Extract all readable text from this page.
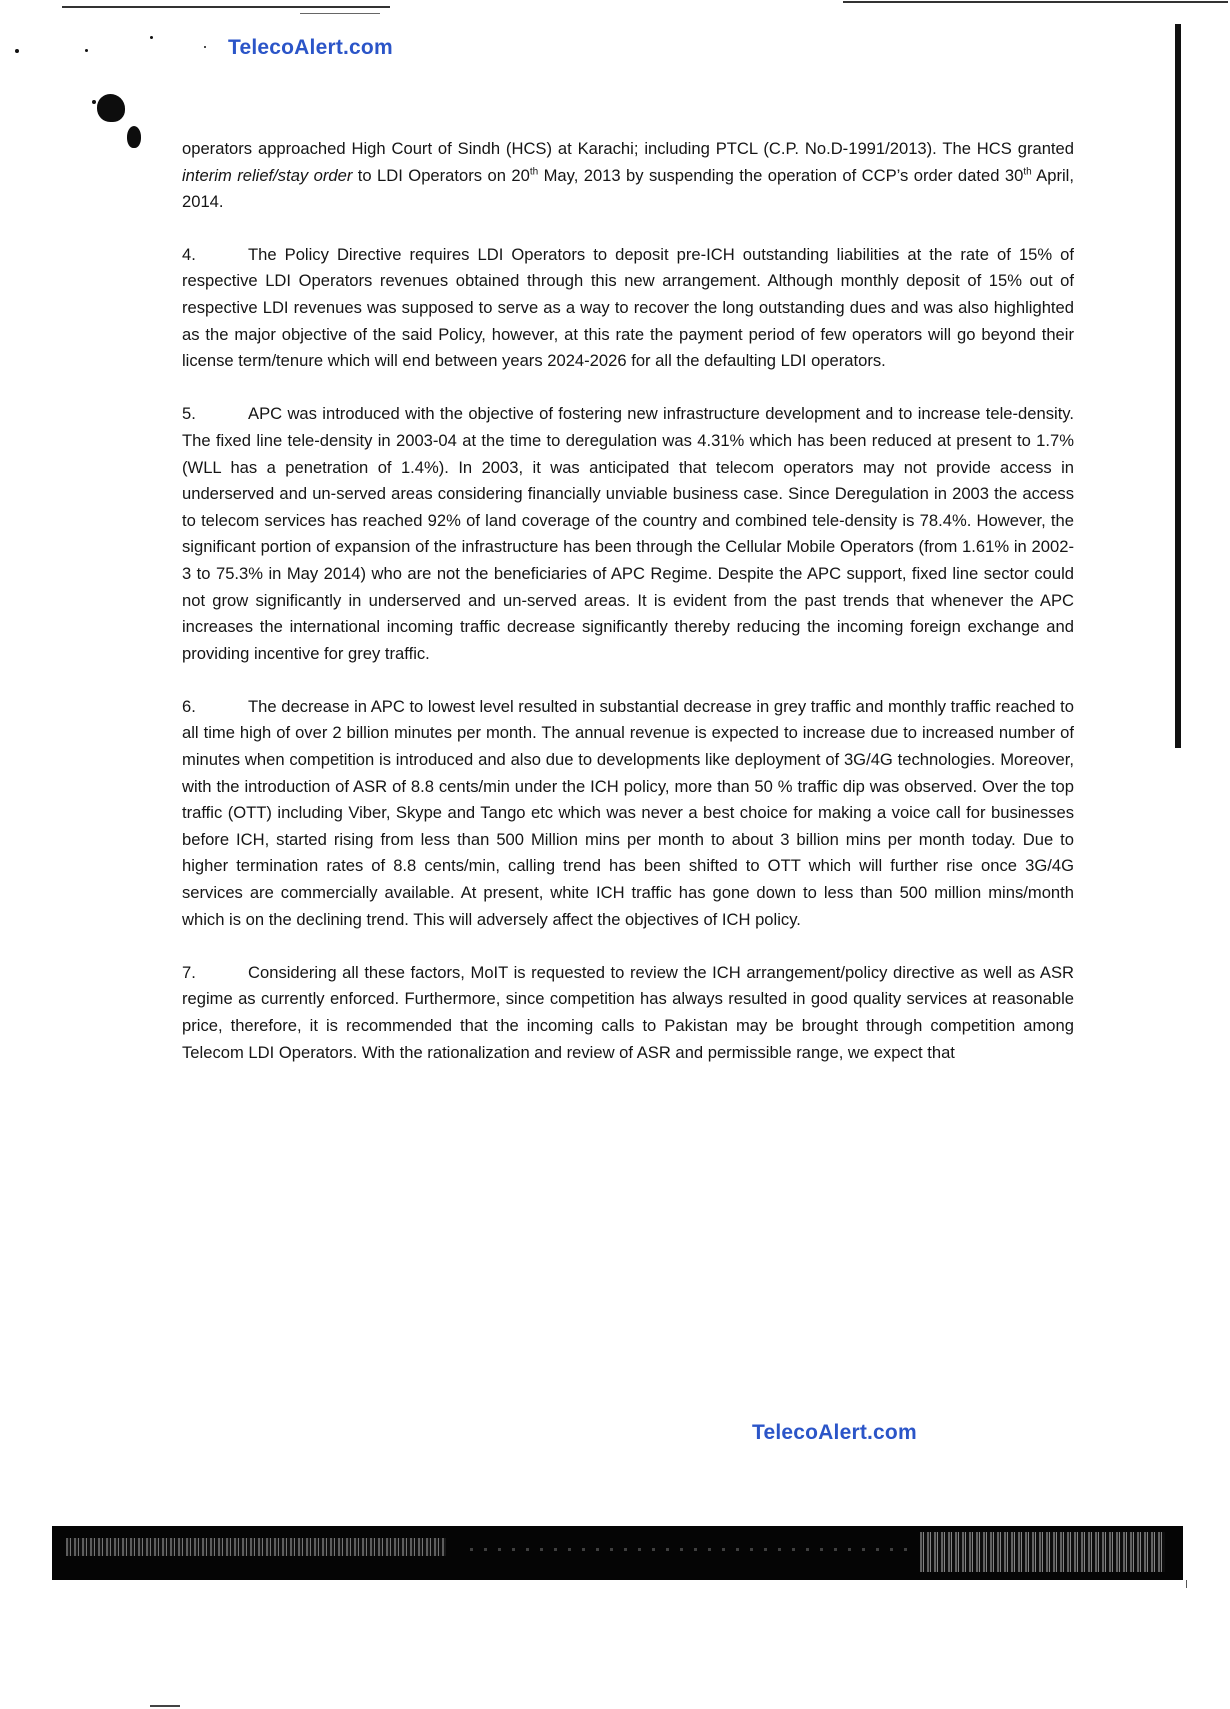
TelecoAlert.com

operators approached High Court of Sindh (HCS) at Karachi; including PTCL (C.P. No.D-1991/2013). The HCS granted interim relief/stay order to LDI Operators on 20th May, 2013 by suspending the operation of CCP’s order dated 30th April, 2014.

4.	The Policy Directive requires LDI Operators to deposit pre-ICH outstanding liabilities at the rate of 15% of respective LDI Operators revenues obtained through this new arrangement. Although monthly deposit of 15% out of respective LDI revenues was supposed to serve as a way to recover the long outstanding dues and was also highlighted as the major objective of the said Policy, however, at this rate the payment period of few operators will go beyond their license term/tenure which will end between years 2024-2026 for all the defaulting LDI operators.

5.	APC was introduced with the objective of fostering new infrastructure development and to increase tele-density. The fixed line tele-density in 2003-04 at the time to deregulation was 4.31% which has been reduced at present to 1.7% (WLL has a penetration of 1.4%). In 2003, it was anticipated that telecom operators may not provide access in underserved and un-served areas considering financially unviable business case. Since Deregulation in 2003 the access to telecom services has reached 92% of land coverage of the country and combined tele-density is 78.4%. However, the significant portion of expansion of the infrastructure has been through the Cellular Mobile Operators (from 1.61% in 2002-3 to 75.3% in May 2014) who are not the beneficiaries of APC Regime. Despite the APC support, fixed line sector could not grow significantly in underserved and un-served areas. It is evident from the past trends that whenever the APC increases the international incoming traffic decrease significantly thereby reducing the incoming foreign exchange and providing incentive for grey traffic.

6.	The decrease in APC to lowest level resulted in substantial decrease in grey traffic and monthly traffic reached to all time high of over 2 billion minutes per month. The annual revenue is expected to increase due to increased number of minutes when competition is introduced and also due to developments like deployment of 3G/4G technologies. Moreover, with the introduction of ASR of 8.8 cents/min under the ICH policy, more than 50 % traffic dip was observed. Over the top traffic (OTT) including Viber, Skype and Tango etc which was never a best choice for making a voice call for businesses before ICH, started rising from less than 500 Million mins per month to about 3 billion mins per month today. Due to higher termination rates of 8.8 cents/min, calling trend has been shifted to OTT which will further rise once 3G/4G services are commercially available. At present, white ICH traffic has gone down to less than 500 million mins/month which is on the declining trend. This will adversely affect the objectives of ICH policy.

7.	Considering all these factors, MoIT is requested to review the ICH arrangement/policy directive as well as ASR regime as currently enforced. Furthermore, since competition has always resulted in good quality services at reasonable price, therefore, it is recommended that the incoming calls to Pakistan may be brought through competition among Telecom LDI Operators. With the rationalization and review of ASR and permissible range, we expect that

TelecoAlert.com
